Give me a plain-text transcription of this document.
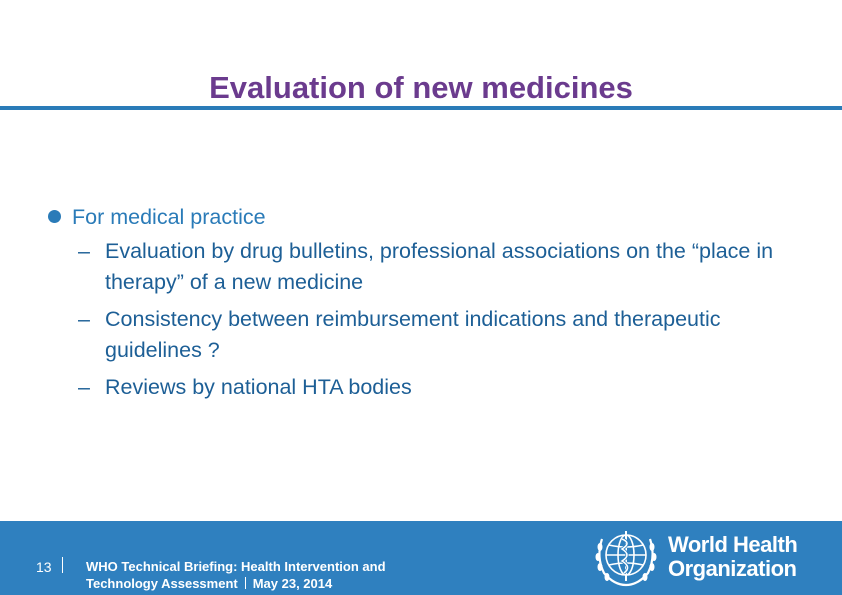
Evaluation of new medicines
For medical practice
– Evaluation by drug bulletins, professional associations on the “place in therapy” of a new medicine
– Consistency between reimbursement indications and therapeutic guidelines ?
– Reviews by national HTA bodies
13	WHO Technical Briefing: Health Intervention and
Technology Assessment May 23, 2014
World Health
Organization
